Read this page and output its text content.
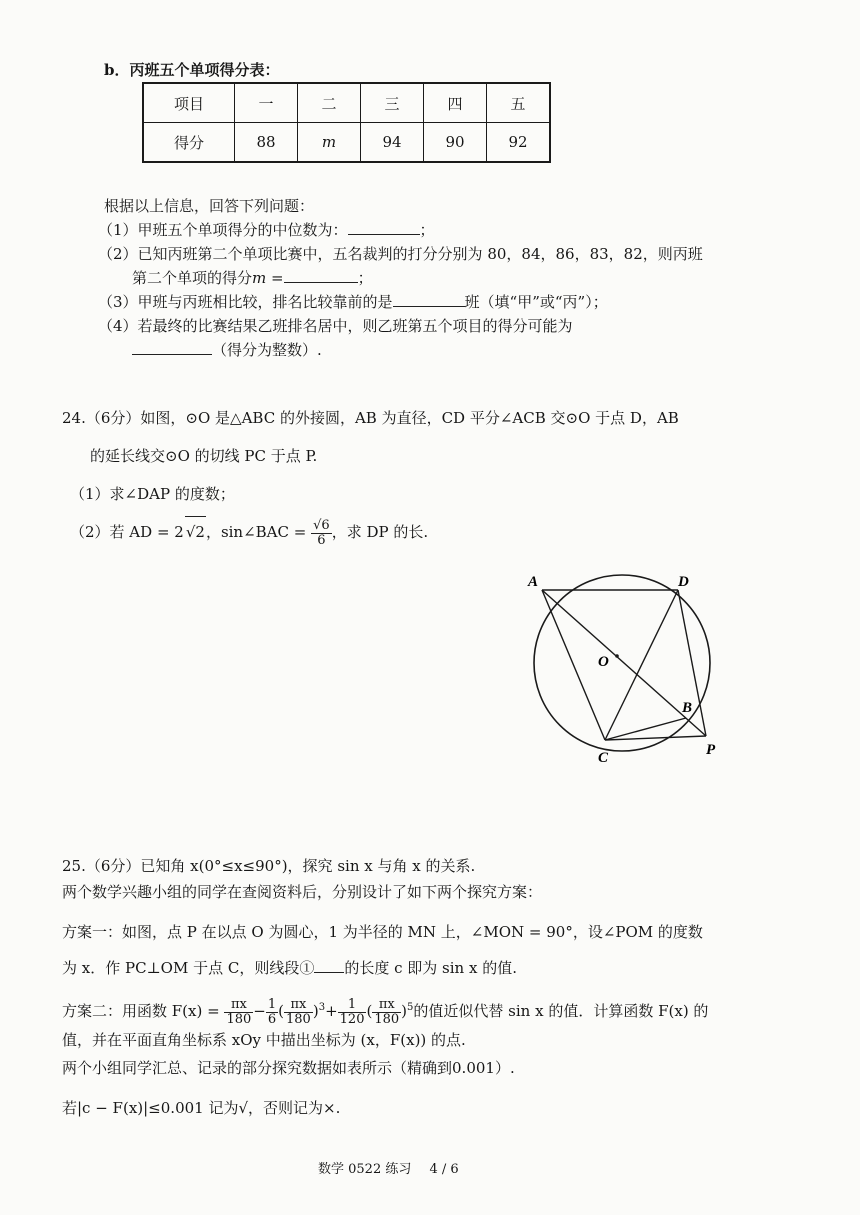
b．丙班五个单项得分表：
项目	一	二	三	四	五
得分	88	m	94	90	92
根据以上信息，回答下列问题：
（1）甲班五个单项得分的中位数为：	；
（2）已知丙班第二个单项比赛中，五名裁判的打分分别为 80，84，86，83，82，则丙班
第二个单项的得分m =	；
（3）甲班与丙班相比较，排名比较靠前的是	班（填“甲”或“丙”）；
（4）若最终的比赛结果乙班排名居中，则乙班第五个项目的得分可能为
（得分为整数）.
24.（6分）如图，⊙O 是△ABC 的外接圆，AB 为直径，CD 平分∠ACB 交⊙O 于点 D，AB
的延长线交⊙O 的切线 PC 于点 P.
（1）求∠DAP 的度数；
（2）若 AD = 2 √2，sin∠BAC = $\frac{√6}{6}$ ，求 DP 的长.
A	D
O
B
C	P
25.（6分）已知角 x(0°≤x≤90°)，探究 sin x 与角 x 的关系.
两个数学兴趣小组的同学在查阅资料后，分别设计了如下两个探究方案：
方案一：如图，点 P 在以点 O 为圆心，1 为半径的 MN 上，∠MON = 90°，设∠POM 的度数
为 x．作 PC⊥OM 于点 C，则线段① 的长度 c 即为 sin x 的值.
方案二：用函数 $F(x) = \frac{\pi x}{180} - \frac{1}{6}$ ( $\frac{\pi x}{180} )^3+ \frac{1}{120}$ ( $\frac{\pi x}{180} )^5$的值近似代替 sin x 的值．计算函数 F(x) 的
值，并在平面直角坐标系 xOy 中描出坐标为 (x，F(x)) 的点.
两个小组同学汇总、记录的部分探究数据如表所示（精确到0.001）.
若|c − F(x)|≤0.001 记为√，否则记为×.
数学 0522 练习 4 / 6
